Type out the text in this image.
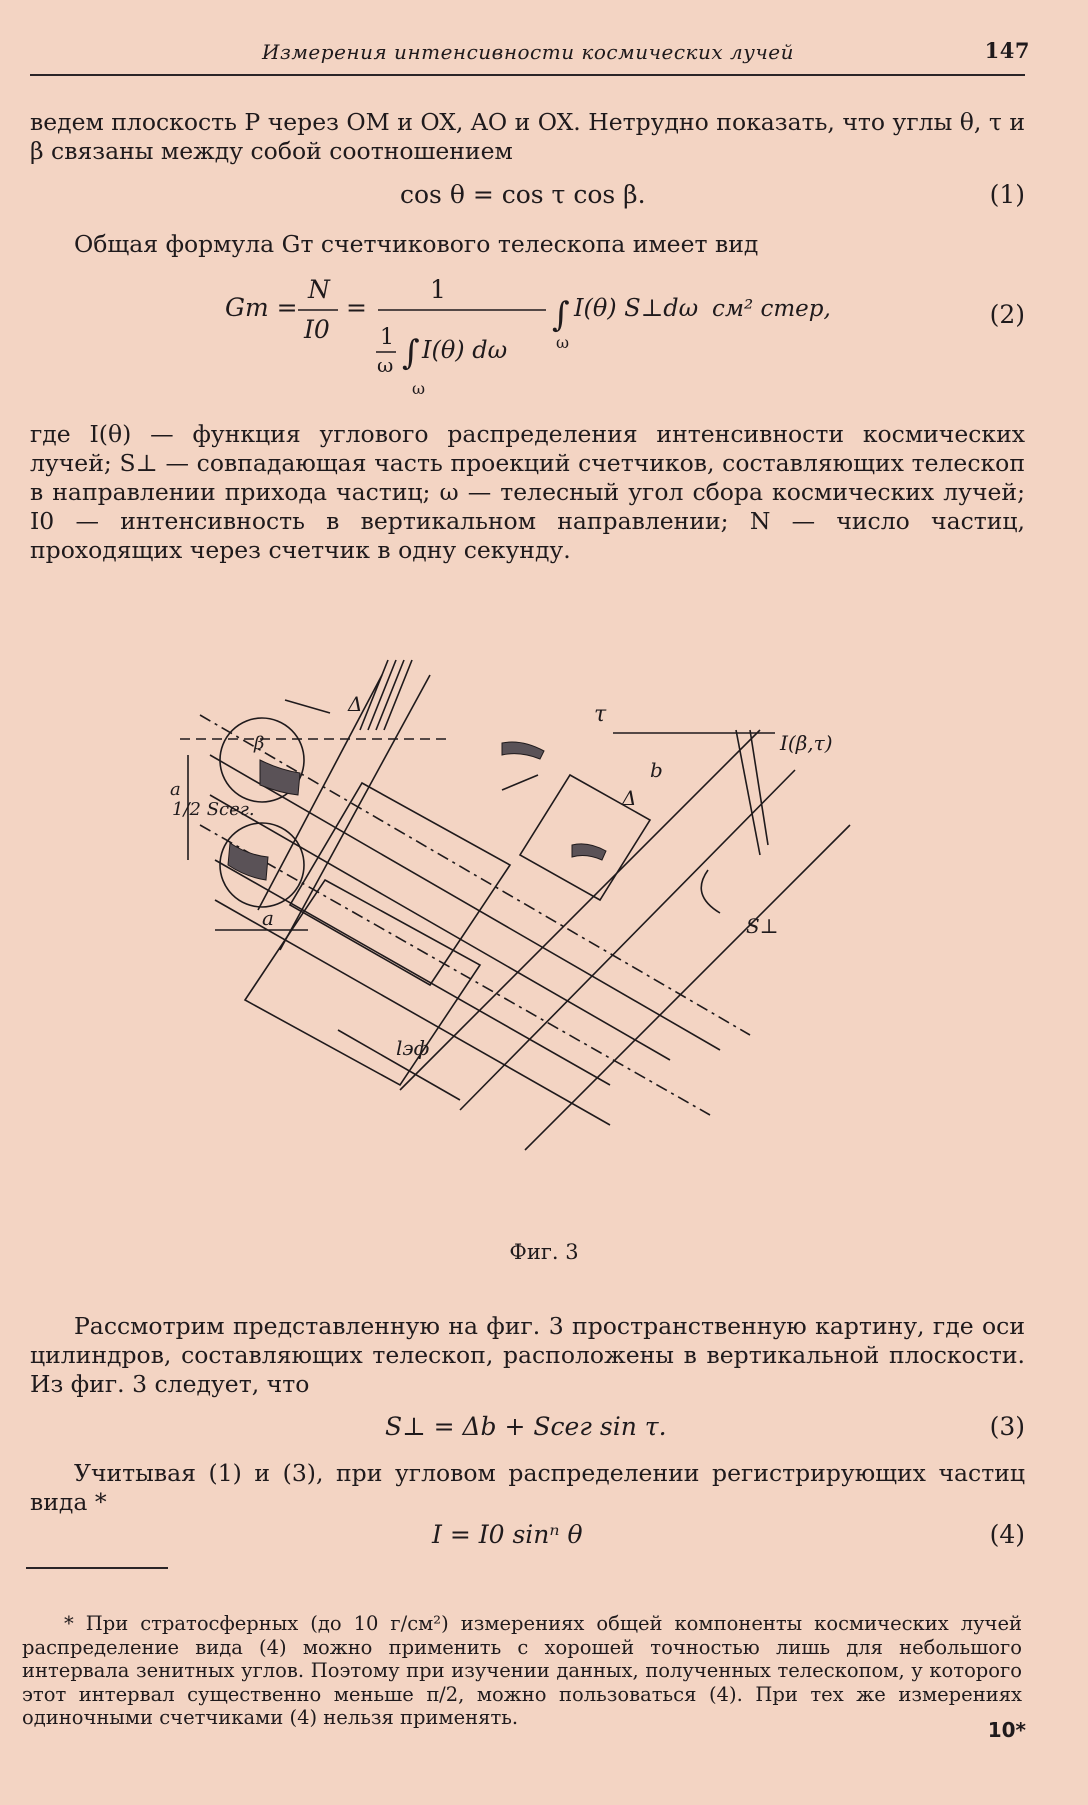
Измерения интенсивности космических лучей	147
ведем плоскость P через OM и OX, AO и OX. Нетрудно показать, что углы θ, τ и β связаны между собой соотношением
cos θ = cos τ cos β.	(1)
Общая формула Gт счетчикового телескопа имеет вид
Gт =
N
I0
=
1
1
ω ∫ I(θ) dω
ω
∫ I(θ) S⊥dω
ω
см² стер,	(2)
где I(θ) — функция углового распределения интенсивности космических лучей; S⊥ — совпадающая часть проекций счетчиков, составляющих телескоп в направлении прихода частиц; ω — телесный угол сбора космических лучей; I0 — интенсивность в вертикальном направлении; N — число частиц, проходящих через счетчик в одну секунду.
I(β,τ)
τ
β
Δ
Δ
b
S⊥
1/2 Sсег.
a
a
lэф
Фиг. 3
Рассмотрим представленную на фиг. 3 пространственную картину, где оси цилиндров, составляющих телескоп, расположены в вертикальной плоскости. Из фиг. 3 следует, что
S⊥ = Δb + Sсег sin τ.	(3)
Учитывая (1) и (3), при угловом распределении регистрирующих частиц вида *
I = I0 sinⁿ θ	(4)
* При стратосферных (до 10 г/см²) измерениях общей компоненты космических лучей распределение вида (4) можно применить с хорошей точностью лишь для небольшого интервала зенитных углов. Поэтому при изучении данных, полученных телескопом, у которого этот интервал существенно меньше π/2, можно пользоваться (4). При тех же измерениях одиночными счетчиками (4) нельзя применять.
10*
